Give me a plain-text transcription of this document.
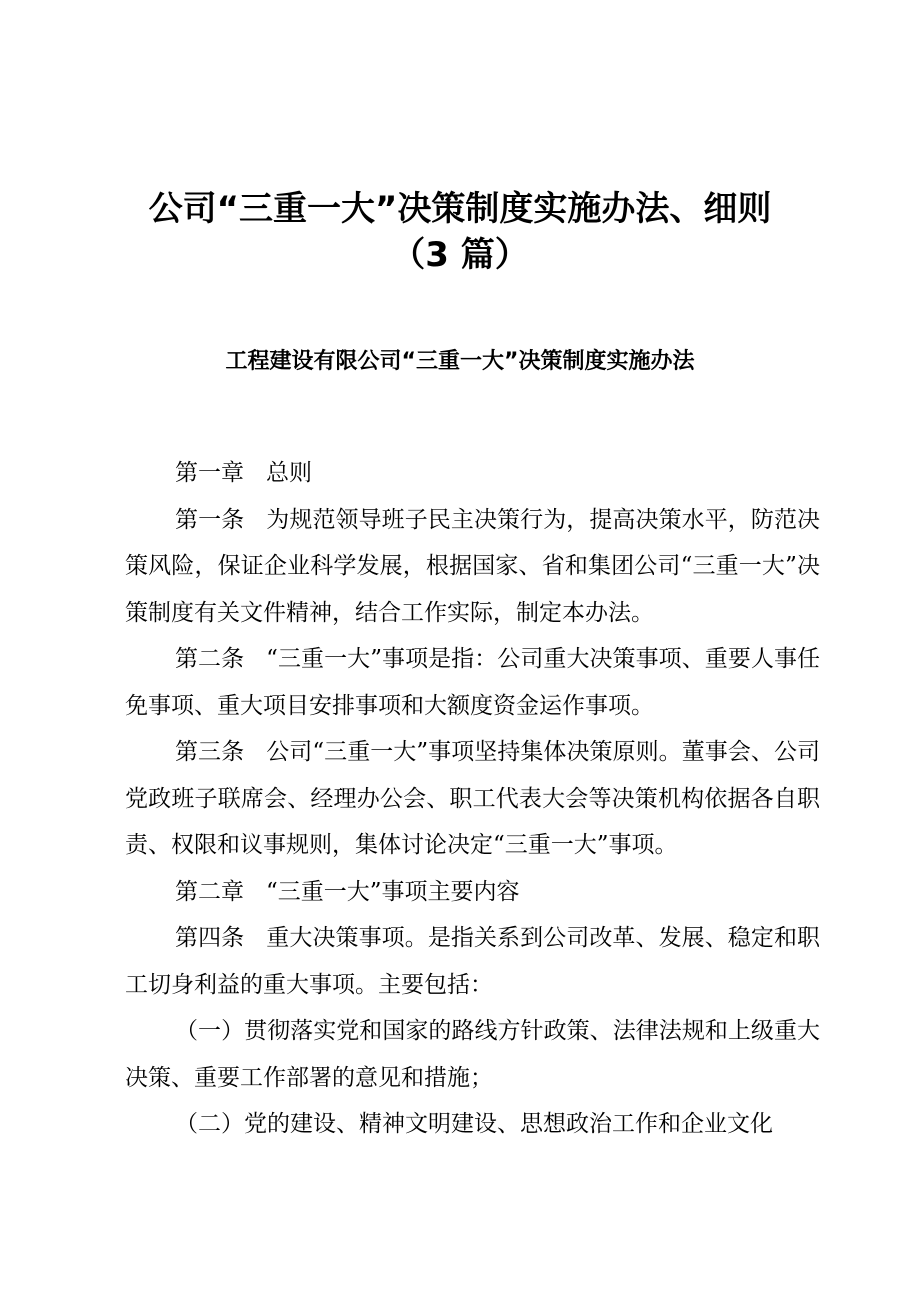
公司“三重一大”决策制度实施办法、细则
（3 篇）
工程建设有限公司“三重一大”决策制度实施办法

第一章 总则

第一条 为规范领导班子民主决策行为，提高决策水平，防范决策风险，保证企业科学发展，根据国家、省和集团公司“三重一大”决策制度有关文件精神，结合工作实际，制定本办法。

第二条 “三重一大”事项是指：公司重大决策事项、重要人事任免事项、重大项目安排事项和大额度资金运作事项。

第三条 公司“三重一大”事项坚持集体决策原则。董事会、公司党政班子联席会、经理办公会、职工代表大会等决策机构依据各自职责、权限和议事规则，集体讨论决定“三重一大”事项。

第二章 “三重一大”事项主要内容

第四条 重大决策事项。是指关系到公司改革、发展、稳定和职工切身利益的重大事项。主要包括：

（一）贯彻落实党和国家的路线方针政策、法律法规和上级重大决策、重要工作部署的意见和措施；

（二）党的建设、精神文明建设、思想政治工作和企业文化
